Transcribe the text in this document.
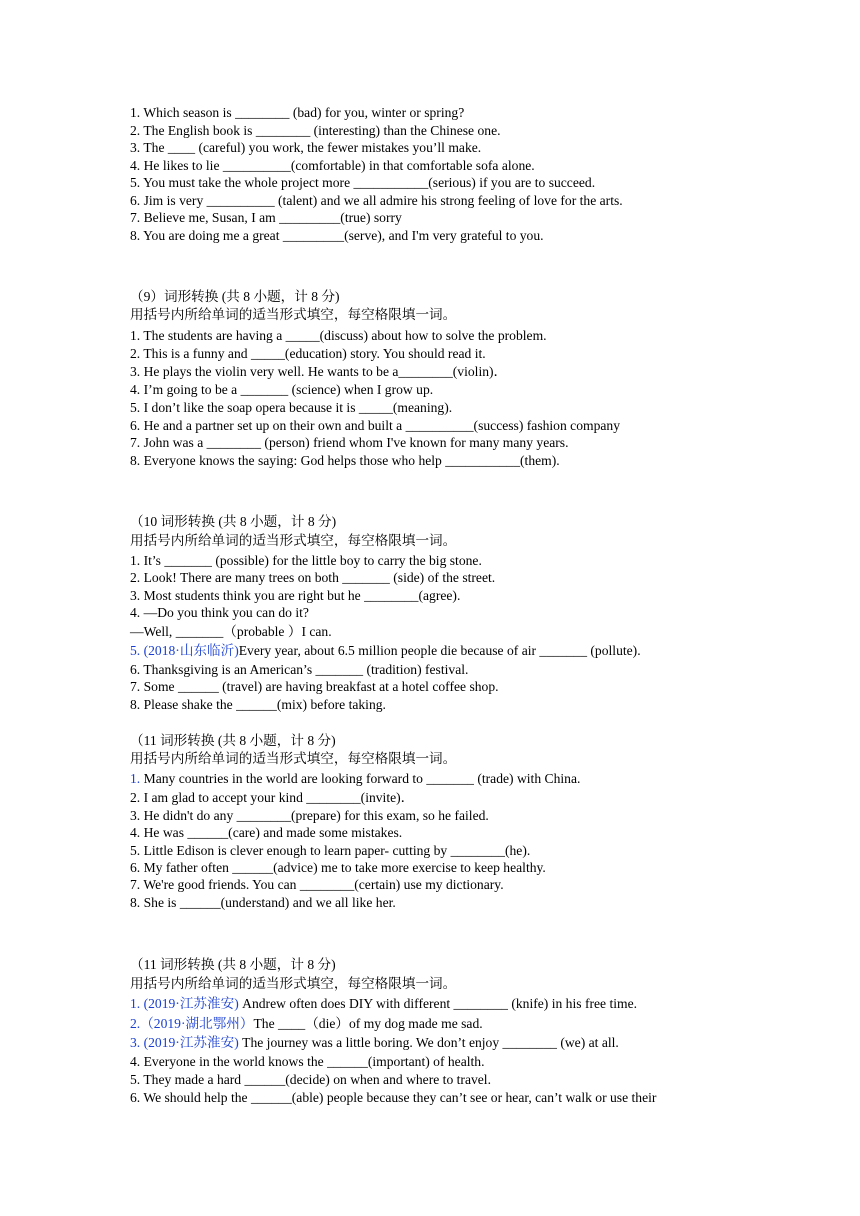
1. Which season is ________ (bad) for you, winter or spring?
2. The English book is ________ (interesting) than the Chinese one.
3. The ____ (careful) you work, the fewer mistakes you’ll make.
4. He likes to lie __________(comfortable) in that comfortable sofa alone.
5. You must take the whole project more ___________(serious) if you are to succeed.
6. Jim is very __________ (talent) and we all admire his strong feeling of love for the arts.
7. Believe me, Susan, I am _________(true) sorry
8. You are doing me a great _________(serve), and I'm very grateful to you.
（9）词形转换 (共 8 小题，计 8 分)
用括号内所给单词的适当形式填空，每空格限填一词。
1. The students are having a _____(discuss) about how to solve the problem.
2. This is a funny and _____(education) story. You should read it.
3. He plays the violin very well. He wants to be a________(violin)．
4. I’m going to be a _______ (science) when I grow up.
5. I don’t like the soap opera because it is _____(meaning).
6. He and a partner set up on their own and built a __________(success) fashion company
7. John was a ________ (person) friend whom I've known for many many years.
8. Everyone knows the saying: God helps those who help ___________(them).
（10 词形转换 (共 8 小题，计 8 分)
用括号内所给单词的适当形式填空，每空格限填一词。
1. It’s _______ (possible) for the little boy to carry the big stone.
2. Look! There are many trees on both _______ (side) of the street.
3. Most students think you are right but he ________(agree).
4. —Do you think you can do it?
—Well, _______（probable ）I can.
5. (2018·山东临沂)Every year, about 6.5 million people die because of air _______ (pollute).
6. Thanksgiving is an American’s _______ (tradition) festival.
7. Some ______ (travel) are having breakfast at a hotel coffee shop.
8. Please shake the ______(mix) before taking.
（11 词形转换 (共 8 小题，计 8 分)
用括号内所给单词的适当形式填空，每空格限填一词。
1. Many countries in the world are looking forward to _______ (trade) with China.
2. I am glad to accept your kind ________(invite)．
3. He didn't do any ________(prepare) for this exam, so he failed.
4. He was ______(care) and made some mistakes.
5. Little Edison is clever enough to learn paper- cutting by ________(he).
6. My father often ______(advice) me to take more exercise to keep healthy.
7. We're good friends. You can ________(certain) use my dictionary.
8. She is ______(understand) and we all like her.
（11 词形转换 (共 8 小题，计 8 分)
用括号内所给单词的适当形式填空，每空格限填一词。
1. (2019·江苏淮安) Andrew often does DIY with different ________ (knife) in his free time.
2.（2019·湖北鄂州）The ____（die）of my dog made me sad.
3. (2019·江苏淮安) The journey was a little boring. We don’t enjoy ________ (we) at all.
4. Everyone in the world knows the ______(important) of health.
5. They made a hard ______(decide) on when and where to travel.
6. We should help the ______(able) people because they can’t see or hear, can’t walk or use their
